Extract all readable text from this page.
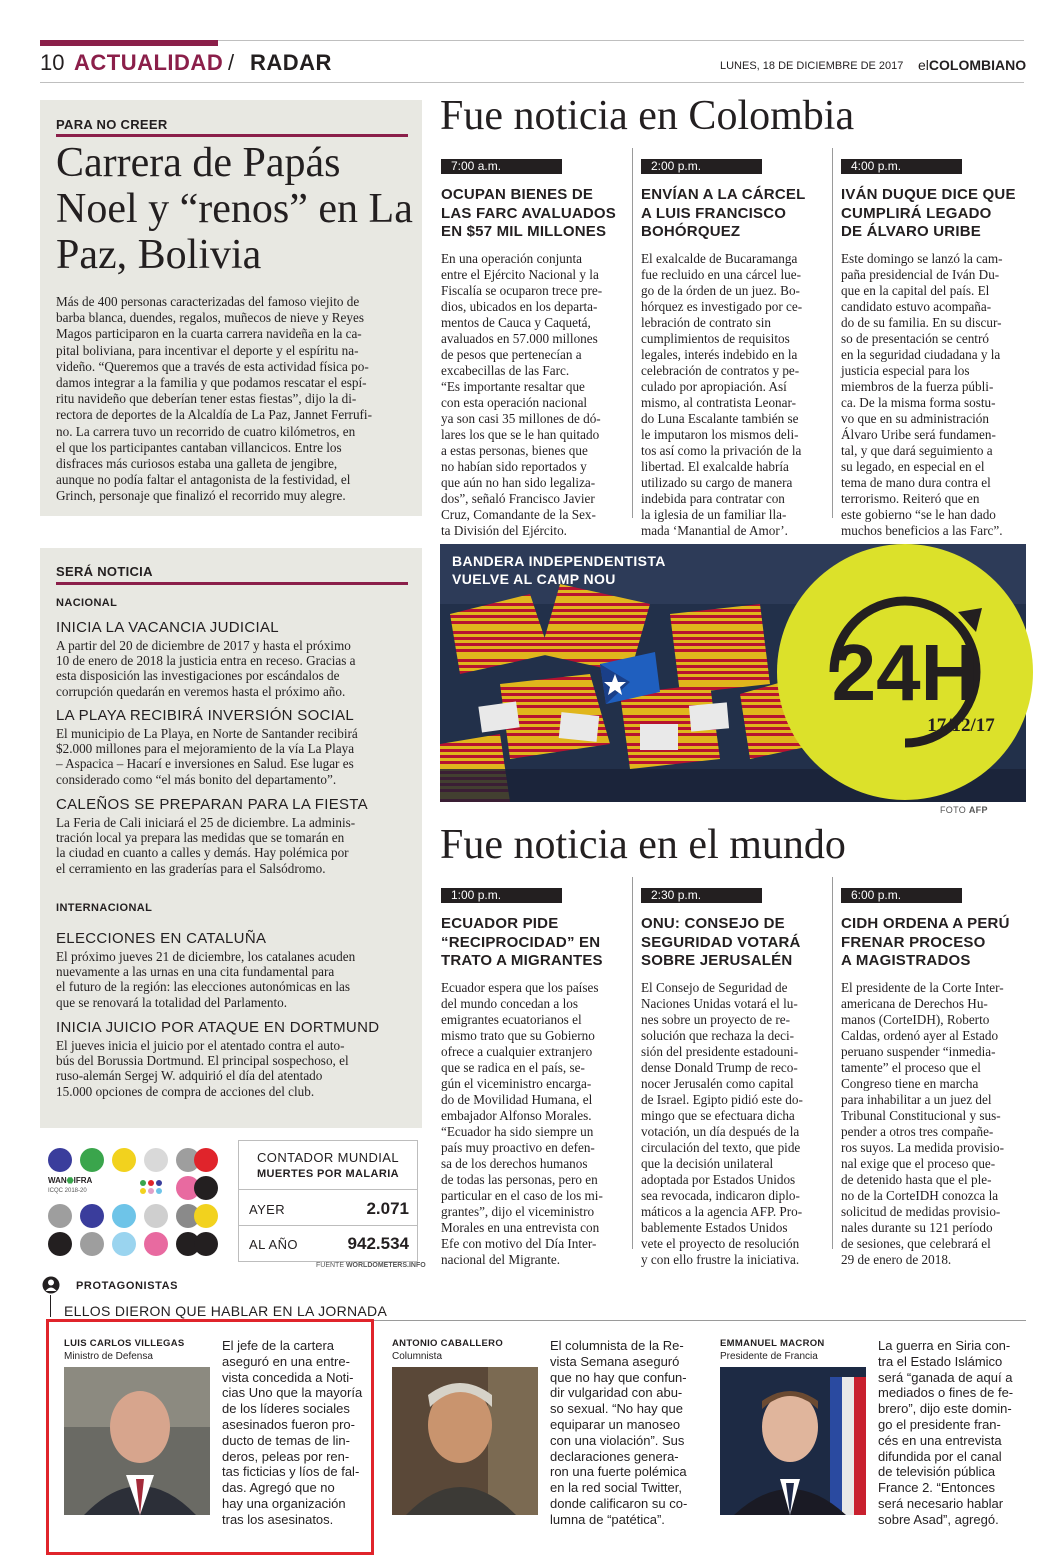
10 ACTUALIDAD / RADAR	LUNES, 18 DE DICIEMBRE DE 2017 elCOLOMBIANO
PARA NO CREER
Carrera de Papás Noel y “renos” en La Paz, Bolivia
Más de 400 personas caracterizadas del famoso viejito de
barba blanca, duendes, regalos, muñecos de nieve y Reyes
Magos participaron en la cuarta carrera navideña en la ca-
pital boliviana, para incentivar el deporte y el espíritu na-
videño. “Queremos que a través de esta actividad física po-
damos integrar a la familia y que podamos rescatar el espí-
ritu navideño que deberían tener estas fiestas”, dijo la di-
rectora de deportes de la Alcaldía de La Paz, Jannet Ferrufi-
no. La carrera tuvo un recorrido de cuatro kilómetros, en
el que los participantes cantaban villancicos. Entre los
disfraces más curiosos estaba una galleta de jengibre,
aunque no podía faltar el antagonista de la festividad, el
Grinch, personaje que finalizó el recorrido muy alegre.
Fue noticia en Colombia
7:00 a.m.
OCUPAN BIENES DE
LAS FARC AVALUADOS
EN $57 MIL MILLONES
En una operación conjunta
entre el Ejército Nacional y la
Fiscalía se ocuparon trece pre-
dios, ubicados en los departa-
mentos de Cauca y Caquetá,
avaluados en 57.000 millones
de pesos que pertenecían a
excabecillas de las Farc.
“Es importante resaltar que
con esta operación nacional
ya son casi 35 millones de dó-
lares los que se le han quitado
a estas personas, bienes que
no habían sido reportados y
que aún no han sido legaliza-
dos”, señaló Francisco Javier
Cruz, Comandante de la Sex-
ta División del Ejército.
2:00 p.m.
ENVÍAN A LA CÁRCEL
A LUIS FRANCISCO
BOHÓRQUEZ
El exalcalde de Bucaramanga
fue recluido en una cárcel lue-
go de la órden de un juez. Bo-
hórquez es investigado por ce-
lebración de contrato sin
cumplimientos de requisitos
legales, interés indebido en la
celebración de contratos y pe-
culado por apropiación. Así
mismo, al contratista Leonar-
do Luna Escalante también se
le imputaron los mismos deli-
tos así como la privación de la
libertad. El exalcalde habría
utilizado su cargo de manera
indebida para contratar con
la iglesia de un familiar lla-
mada ‘Manantial de Amor’.
4:00 p.m.
IVÁN DUQUE DICE QUE
CUMPLIRÁ LEGADO
DE ÁLVARO URIBE
Este domingo se lanzó la cam-
paña presidencial de Iván Du-
que en la capital del país. El
candidato estuvo acompaña-
do de su familia. En su discur-
so de presentación se centró
en la seguridad ciudadana y la
justicia especial para los
miembros de la fuerza públi-
ca. De la misma forma sostu-
vo que en su administración
Álvaro Uribe será fundamen-
tal, y que dará seguimiento a
su legado, en especial en el
tema de mano dura contra el
terrorismo. Reiteró que en
este gobierno “se le han dado
muchos beneficios a las Farc”.
SERÁ NOTICIA
NACIONAL
INICIA LA VACANCIA JUDICIAL
A partir del 20 de diciembre de 2017 y hasta el próximo
10 de enero de 2018 la justicia entra en receso. Gracias a
esta disposición las investigaciones por escándalos de
corrupción quedarán en veremos hasta el próximo año.
LA PLAYA RECIBIRÁ INVERSIÓN SOCIAL
El municipio de La Playa, en Norte de Santander recibirá
$2.000 millones para el mejoramiento de la vía La Playa
– Aspacica – Hacarí e inversiones en Salud. Ese lugar es
considerado como “el más bonito del departamento”.
CALEÑOS SE PREPARAN PARA LA FIESTA
La Feria de Cali iniciará el 25 de diciembre. La adminis-
tración local ya prepara las medidas que se tomarán en
la ciudad en cuanto a calles y demás. Hay polémica por
el cerramiento en las graderías para el Salsódromo.
INTERNACIONAL
ELECCIONES EN CATALUÑA
El próximo jueves 21 de diciembre, los catalanes acuden
nuevamente a las urnas en una cita fundamental para
el futuro de la región: las elecciones autonómicas en las
que se renovará la totalidad del Parlamento.
INICIA JUICIO POR ATAQUE EN DORTMUND
El jueves inicia el juicio por el atentado contra el auto-
bús del Borussia Dortmund. El principal sospechoso, el
ruso-alemán Sergej W. adquirió el día del atentado
15.000 opciones de compra de acciones del club.
BANDERA INDEPENDENTISTA
VUELVE AL CAMP NOU
24H
17/12/17
FOTO AFP
Fue noticia en el mundo
1:00 p.m.
ECUADOR PIDE
“RECIPROCIDAD” EN
TRATO A MIGRANTES
Ecuador espera que los países
del mundo concedan a los
emigrantes ecuatorianos el
mismo trato que su Gobierno
ofrece a cualquier extranjero
que se radica en el país, se-
gún el viceministro encarga-
do de Movilidad Humana, el
embajador Alfonso Morales.
“Ecuador ha sido siempre un
país muy proactivo en defen-
sa de los derechos humanos
de todas las personas, pero en
particular en el caso de los mi-
grantes”, dijo el viceministro
Morales en una entrevista con
Efe con motivo del Día Inter-
nacional del Migrante.
2:30 p.m.
ONU: CONSEJO DE
SEGURIDAD VOTARÁ
SOBRE JERUSALÉN
El Consejo de Seguridad de
Naciones Unidas votará el lu-
nes sobre un proyecto de re-
solución que rechaza la deci-
sión del presidente estadouni-
dense Donald Trump de reco-
nocer Jerusalén como capital
de Israel. Egipto pidió este do-
mingo que se efectuara dicha
votación, un día después de la
circulación del texto, que pide
que la decisión unilateral
adoptada por Estados Unidos
sea revocada, indicaron diplo-
máticos a la agencia AFP. Pro-
bablemente Estados Unidos
vete el proyecto de resolución
y con ello frustre la iniciativa.
6:00 p.m.
CIDH ORDENA A PERÚ
FRENAR PROCESO
A MAGISTRADOS
El presidente de la Corte Inter-
americana de Derechos Hu-
manos (CorteIDH), Roberto
Caldas, ordenó ayer al Estado
peruano suspender “inmedia-
tamente” el proceso que el
Congreso tiene en marcha
para inhabilitar a un juez del
Tribunal Constitucional y sus-
pender a otros tres compañe-
ros suyos. La medida provisio-
nal exige que el proceso que-
de detenido hasta que el ple-
no de la CorteIDH conozca la
solicitud de medidas provisio-
nales durante su 121 período
de sesiones, que celebrará el
29 de enero de 2018.
WAN⬣IFRA
ICQC 2018-20
CONTADOR MUNDIAL
MUERTES POR MALARIA
AYER	2.071
AL AÑO	942.534
FUENTE WORLDOMETERS.INFO
PROTAGONISTAS
ELLOS DIERON QUE HABLAR EN LA JORNADA
LUIS CARLOS VILLEGAS
Ministro de Defensa
El jefe de la cartera
aseguró en una entre-
vista concedida a Noti-
cias Uno que la mayoría
de los líderes sociales
asesinados fueron pro-
ducto de temas de lin-
deros, peleas por ren-
tas ficticias y líos de fal-
das. Agregó que no
hay una organización
tras los asesinatos.
ANTONIO CABALLERO
Columnista
El columnista de la Re-
vista Semana aseguró
que no hay que confun-
dir vulgaridad con abu-
so sexual. “No hay que
equiparar un manoseo
con una violación”. Sus
declaraciones genera-
ron una fuerte polémica
en la red social Twitter,
donde calificaron su co-
lumna de “patética”.
EMMANUEL MACRON
Presidente de Francia
La guerra en Siria con-
tra el Estado Islámico
será “ganada de aquí a
mediados o fines de fe-
brero”, dijo este domin-
go el presidente fran-
cés en una entrevista
difundida por el canal
de televisión pública
France 2. “Entonces
será necesario hablar
sobre Asad”, agregó.
